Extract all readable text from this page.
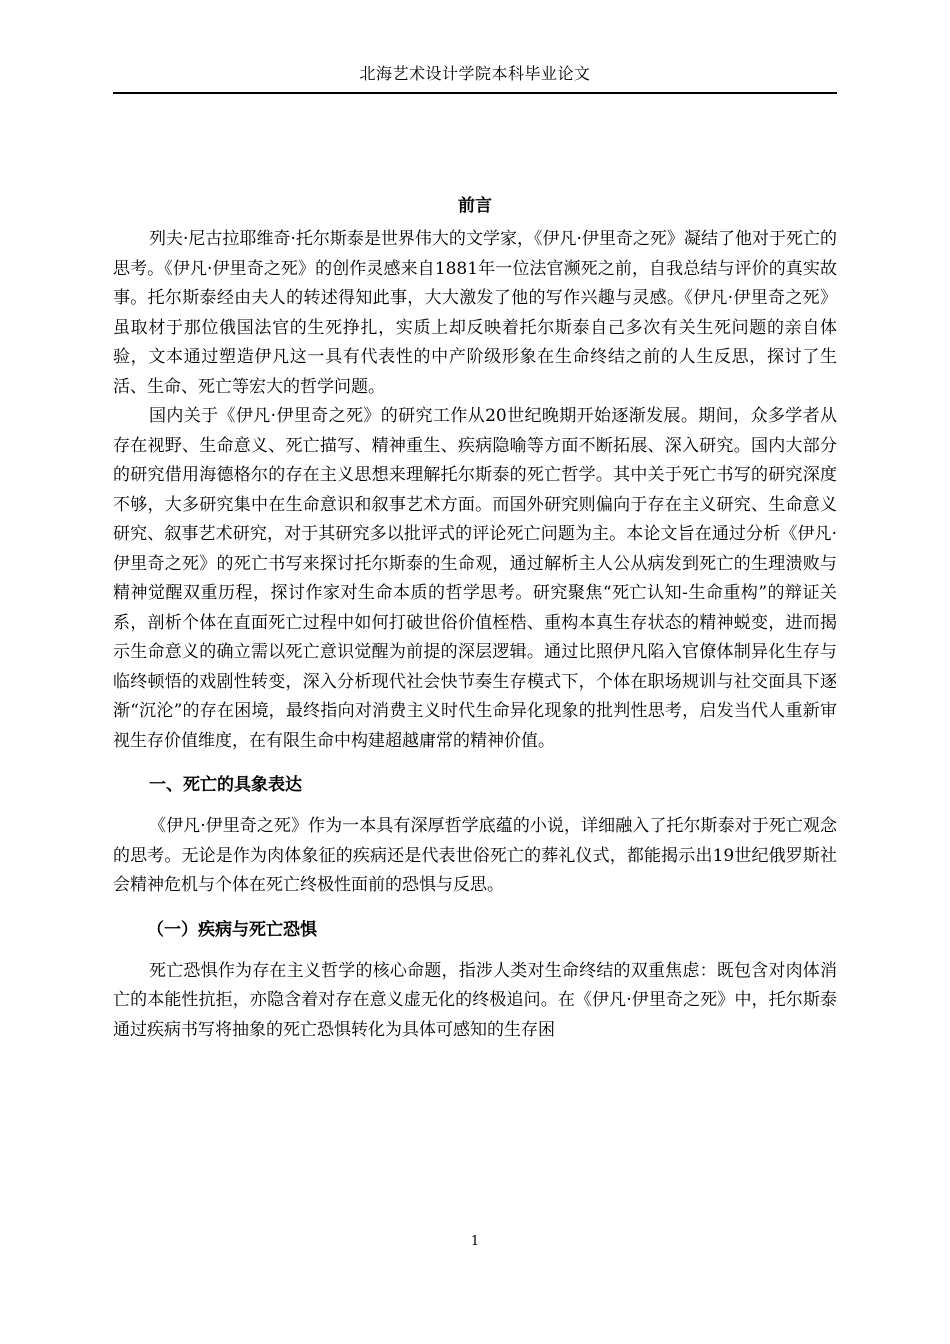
北海艺术设计学院本科毕业论文
前言

列夫·尼古拉耶维奇·托尔斯泰是世界伟大的文学家，《伊凡·伊里奇之死》凝结了他对于死亡的思考。《伊凡·伊里奇之死》的创作灵感来自1881年一位法官濒死之前，自我总结与评价的真实故事。托尔斯泰经由夫人的转述得知此事，大大激发了他的写作兴趣与灵感。《伊凡·伊里奇之死》虽取材于那位俄国法官的生死挣扎，实质上却反映着托尔斯泰自己多次有关生死问题的亲自体验，文本通过塑造伊凡这一具有代表性的中产阶级形象在生命终结之前的人生反思，探讨了生活、生命、死亡等宏大的哲学问题。

国内关于《伊凡·伊里奇之死》的研究工作从20世纪晚期开始逐渐发展。期间，众多学者从存在视野、生命意义、死亡描写、精神重生、疾病隐喻等方面不断拓展、深入研究。国内大部分的研究借用海德格尔的存在主义思想来理解托尔斯泰的死亡哲学。其中关于死亡书写的研究深度不够，大多研究集中在生命意识和叙事艺术方面。而国外研究则偏向于存在主义研究、生命意义研究、叙事艺术研究，对于其研究多以批评式的评论死亡问题为主。本论文旨在通过分析《伊凡·伊里奇之死》的死亡书写来探讨托尔斯泰的生命观，通过解析主人公从病发到死亡的生理溃败与精神觉醒双重历程，探讨作家对生命本质的哲学思考。研究聚焦“死亡认知-生命重构”的辩证关系，剖析个体在直面死亡过程中如何打破世俗价值桎梏、重构本真生存状态的精神蜕变，进而揭示生命意义的确立需以死亡意识觉醒为前提的深层逻辑。通过比照伊凡陷入官僚体制异化生存与临终顿悟的戏剧性转变，深入分析现代社会快节奏生存模式下，个体在职场规训与社交面具下逐渐“沉沦”的存在困境，最终指向对消费主义时代生命异化现象的批判性思考，启发当代人重新审视生存价值维度，在有限生命中构建超越庸常的精神价值。

一、死亡的具象表达

《伊凡·伊里奇之死》作为一本具有深厚哲学底蕴的小说，详细融入了托尔斯泰对于死亡观念的思考。无论是作为肉体象征的疾病还是代表世俗死亡的葬礼仪式，都能揭示出19世纪俄罗斯社会精神危机与个体在死亡终极性面前的恐惧与反思。

（一）疾病与死亡恐惧

死亡恐惧作为存在主义哲学的核心命题，指涉人类对生命终结的双重焦虑：既包含对肉体消亡的本能性抗拒，亦隐含着对存在意义虚无化的终极追问。在《伊凡·伊里奇之死》中，托尔斯泰通过疾病书写将抽象的死亡恐惧转化为具体可感知的生存困

1
